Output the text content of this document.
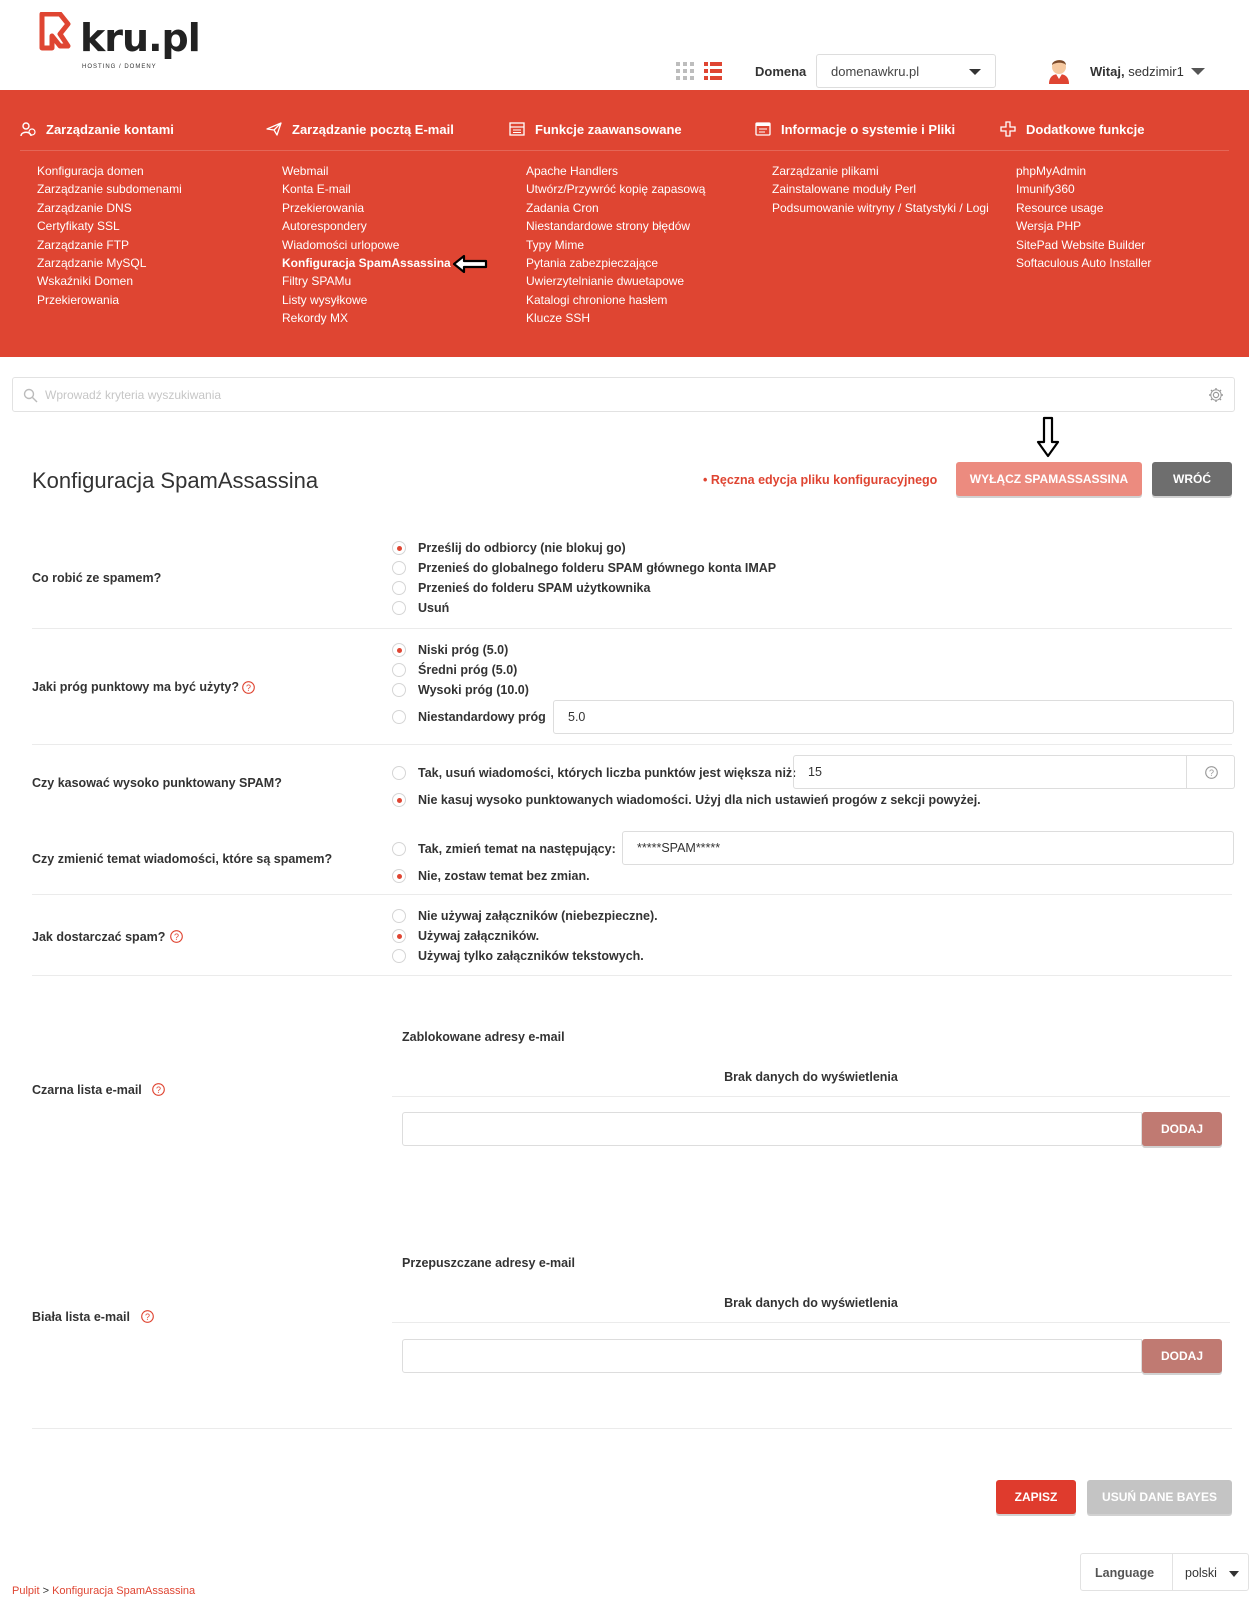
kru.pl
HOSTING / DOMENY	Domena	domenawkru.pl	Witaj, sedzimir1
Zarządzanie kontami
Konfiguracja domen
Zarządzanie subdomenami
Zarządzanie DNS
Certyfikaty SSL
Zarządzanie FTP
Zarządzanie MySQL
Wskaźniki Domen
Przekierowania
Zarządzanie pocztą E-mail
Webmail
Konta E-mail
Przekierowania
Autorespondery
Wiadomości urlopowe
Konfiguracja SpamAssassina
Filtry SPAMu
Listy wysyłkowe
Rekordy MX
Funkcje zaawansowane
Apache Handlers
Utwórz/Przywróć kopię zapasową
Zadania Cron
Niestandardowe strony błędów
Typy Mime
Pytania zabezpieczające
Uwierzytelnianie dwuetapowe
Katalogi chronione hasłem
Klucze SSH
Informacje o systemie i Pliki
Zarządzanie plikami
Zainstalowane moduły Perl
Podsumowanie witryny / Statystyki / Logi
Dodatkowe funkcje
phpMyAdmin
Imunify360
Resource usage
Wersja PHP
SitePad Website Builder
Softaculous Auto Installer
Wprowadź kryteria wyszukiwania
Konfiguracja SpamAssassina	• Ręczna edycja pliku konfiguracyjnego	WYŁĄCZ SPAMASSASSINA	WRÓĆ
Co robić ze spamem?
Prześlij do odbiorcy (nie blokuj go)
Przenieś do globalnego folderu SPAM głównego konta IMAP
Przenieś do folderu SPAM użytkownika
Usuń
Jaki próg punktowy ma być użyty? ?
Niski próg (5.0)
Średni próg (5.0)
Wysoki próg (10.0)
Niestandardowy próg	5.0
Czy kasować wysoko punktowany SPAM?
Tak, usuń wiadomości, których liczba punktów jest większa niż: 15	?
Nie kasuj wysoko punktowanych wiadomości. Użyj dla nich ustawień progów z sekcji powyżej.
Czy zmienić temat wiadomości, które są spamem?
Tak, zmień temat na następujący:	*****SPAM*****
Nie, zostaw temat bez zmian.
Jak dostarczać spam? ?
Nie używaj załączników (niebezpieczne).
Używaj załączników.
Używaj tylko załączników tekstowych.
Czarna lista e-mail ?
Zablokowane adresy e-mail
Brak danych do wyświetlenia
DODAJ
Biała lista e-mail ?
Przepuszczane adresy e-mail
Brak danych do wyświetlenia
DODAJ
ZAPISZ	USUŃ DANE BAYES
Language polski
Pulpit > Konfiguracja SpamAssassina
